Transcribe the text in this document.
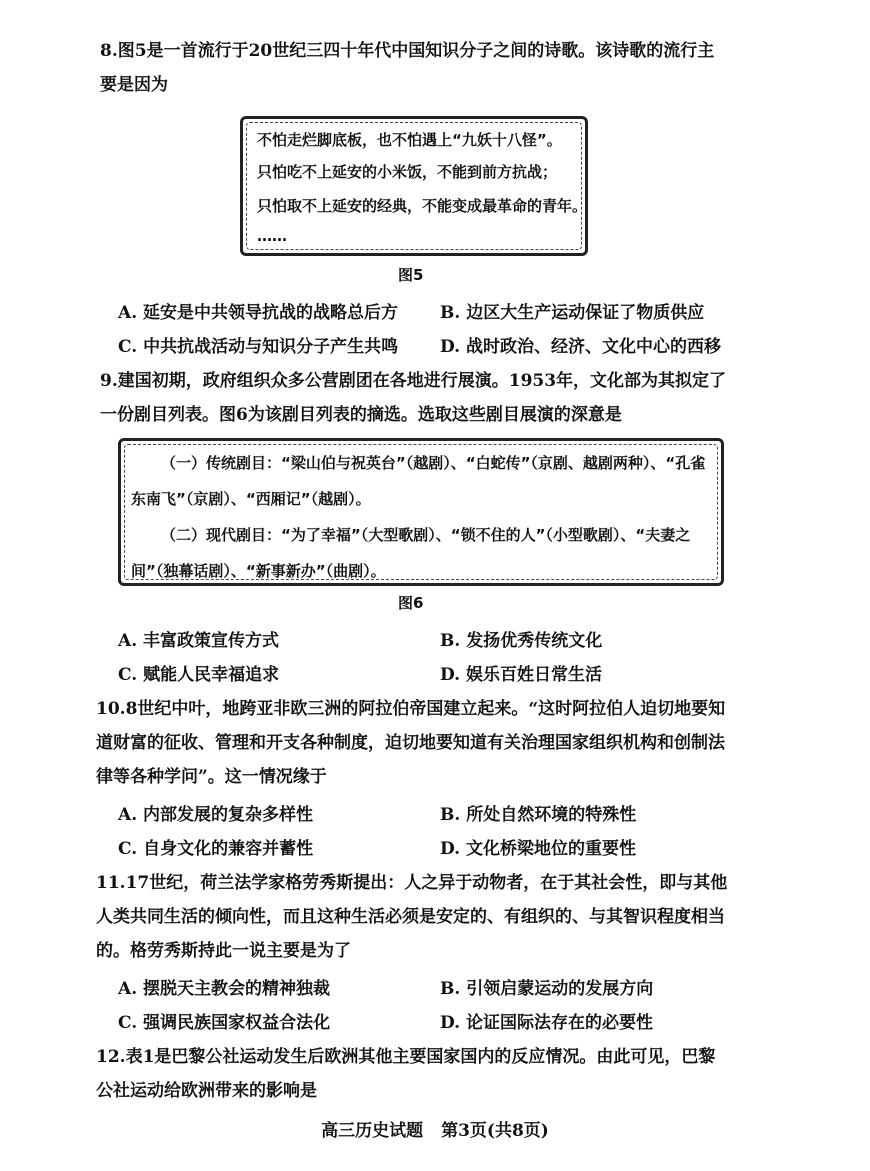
8.图5是一首流行于20世纪三四十年代中国知识分子之间的诗歌。该诗歌的流行主要是因为
不怕走烂脚底板，也不怕遇上“九妖十八怪”。
只怕吃不上延安的小米饭，不能到前方抗战；
只怕取不上延安的经典，不能变成最革命的青年。
……
图5
A. 延安是中共领导抗战的战略总后方 B. 边区大生产运动保证了物质供应
C. 中共抗战活动与知识分子产生共鸣 D. 战时政治、经济、文化中心的西移
9.建国初期，政府组织众多公营剧团在各地进行展演。1953年，文化部为其拟定了一份剧目列表。图6为该剧目列表的摘选。选取这些剧目展演的深意是
（一）传统剧目：“梁山伯与祝英台”（越剧）、“白蛇传”（京剧、越剧两种）、“孔雀东南飞”（京剧）、“西厢记”（越剧）。
（二）现代剧目：“为了幸福”（大型歌剧）、“锁不住的人”（小型歌剧）、“夫妻之间”（独幕话剧）、“新事新办”（曲剧）。
图6
A. 丰富政策宣传方式	B. 发扬优秀传统文化
C. 赋能人民幸福追求	D. 娱乐百姓日常生活
10.8世纪中叶，地跨亚非欧三洲的阿拉伯帝国建立起来。“这时阿拉伯人迫切地要知道财富的征收、管理和开支各种制度，迫切地要知道有关治理国家组织机构和创制法律等各种学问”。这一情况缘于
A. 内部发展的复杂多样性	B. 所处自然环境的特殊性
C. 自身文化的兼容并蓄性	D. 文化桥梁地位的重要性
11.17世纪，荷兰法学家格劳秀斯提出：人之异于动物者，在于其社会性，即与其他人类共同生活的倾向性，而且这种生活必须是安定的、有组织的、与其智识程度相当的。格劳秀斯持此一说主要是为了
A. 摆脱天主教会的精神独裁	B. 引领启蒙运动的发展方向
C. 强调民族国家权益合法化	D. 论证国际法存在的必要性
12.表1是巴黎公社运动发生后欧洲其他主要国家国内的反应情况。由此可见，巴黎公社运动给欧洲带来的影响是
高三历史试题 第3页(共8页)
